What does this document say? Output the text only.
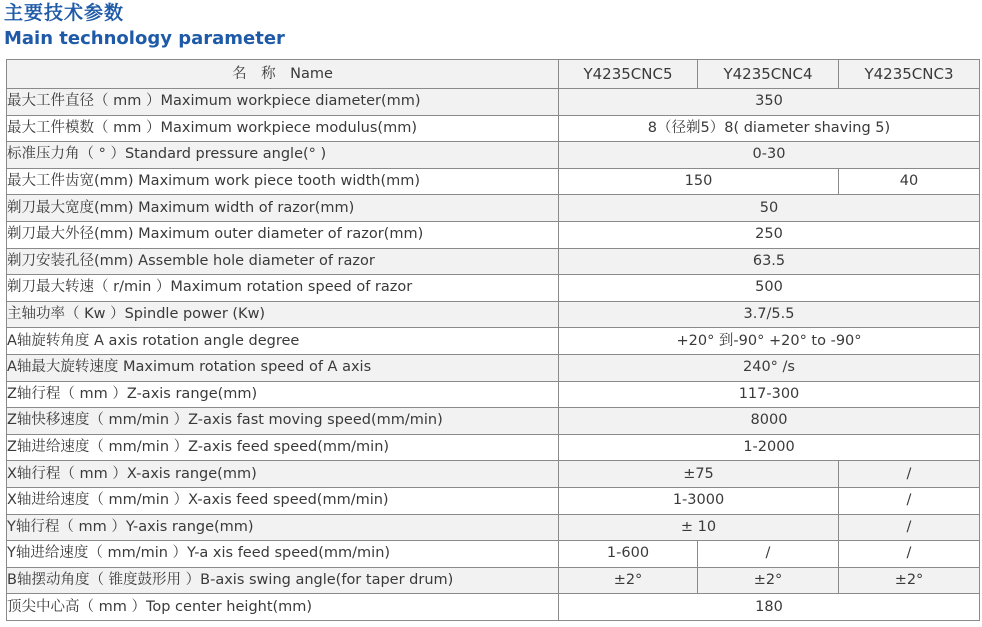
主要技术参数
Main technology parameter
名　称　Name	Y4235CNC5	Y4235CNC4	Y4235CNC3
最大工件直径（ mm ）Maximum workpiece diameter(mm)	350		
最大工件模数（ mm ）Maximum workpiece modulus(mm)	8（径剃5）8( diameter shaving 5)		
标准压力角（ ° ）Standard pressure angle(° )	0-30		
最大工件齿宽(mm) Maximum work piece tooth width(mm)	150		40
剃刀最大宽度(mm) Maximum width of razor(mm)	50		
剃刀最大外径(mm) Maximum outer diameter of razor(mm)	250		
剃刀安装孔径(mm) Assemble hole diameter of razor	63.5		
剃刀最大转速（ r/min ）Maximum rotation speed of razor	500		
主轴功率（ Kw ）Spindle power (Kw)	3.7/5.5		
A轴旋转角度 A axis rotation angle degree	+20° 到-90° +20° to -90°		
A轴最大旋转速度 Maximum rotation speed of A axis	240° /s		
Z轴行程（ mm ）Z-axis range(mm)	117-300		
Z轴快移速度（ mm/min ）Z-axis fast moving speed(mm/min)	8000		
Z轴进给速度（ mm/min ）Z-axis feed speed(mm/min)	1-2000		
X轴行程（ mm ）X-axis range(mm)	±75		/
X轴进给速度（ mm/min ）X-axis feed speed(mm/min)	1-3000		/
Y轴行程（ mm ）Y-axis range(mm)	± 10		/
Y轴进给速度（ mm/min ）Y-a xis feed speed(mm/min)	1-600	/	/
B轴摆动角度（ 锥度鼓形用 ）B-axis swing angle(for taper drum)	±2°	±2°	±2°
顶尖中心高（ mm ）Top center height(mm)	180		
